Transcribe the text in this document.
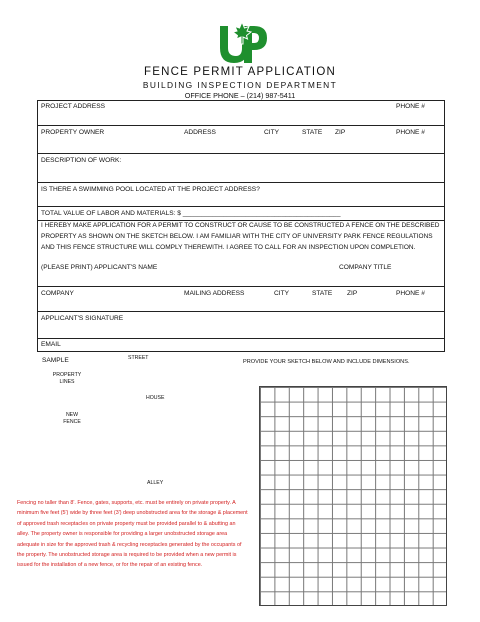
FENCE PERMIT APPLICATION
BUILDING INSPECTION DEPARTMENT
OFFICE PHONE – (214) 987-5411
PROJECT ADDRESS	PHONE #
PROPERTY OWNER	ADDRESS	CITY	STATE ZIP	PHONE #
DESCRIPTION OF WORK:
IS THERE A SWIMMING POOL LOCATED AT THE PROJECT ADDRESS?
TOTAL VALUE OF LABOR AND MATERIALS: $ ___________________________________________
I HEREBY MAKE APPLICATION FOR A PERMIT TO CONSTRUCT OR CAUSE TO BE CONSTRUCTED A FENCE ON THE DESCRIBED PROPERTY AS SHOWN ON THE SKETCH BELOW. I AM FAMILIAR WITH THE CITY OF UNIVERSITY PARK FENCE REGULATIONS AND THIS FENCE STRUCTURE WILL COMPLY THEREWITH. I AGREE TO CALL FOR AN INSPECTION UPON COMPLETION.
(PLEASE PRINT) APPLICANT'S NAME	COMPANY TITLE
COMPANY	MAILING ADDRESS	CITY	STATE ZIP	PHONE #
APPLICANT'S SIGNATURE
EMAIL
SAMPLE	STREET
PROPERTY LINES
HOUSE
NEW FENCE
ALLEY
PROVIDE YOUR SKETCH BELOW AND INCLUDE DIMENSIONS.
Fencing no taller than 8'. Fence, gates, supports, etc. must be entirely on private property. A minimum five feet (5') wide by three feet (3') deep unobstructed area for the storage & placement of approved trash receptacles on private property must be provided parallel to & abutting an alley. The property owner is responsible for providing a larger unobstructed storage area adequate in size for the approved trash & recycling receptacles generated by the occupants of the property. The unobstructed storage area is required to be provided when a new permit is issued for the installation of a new fence, or for the repair of an existing fence.
